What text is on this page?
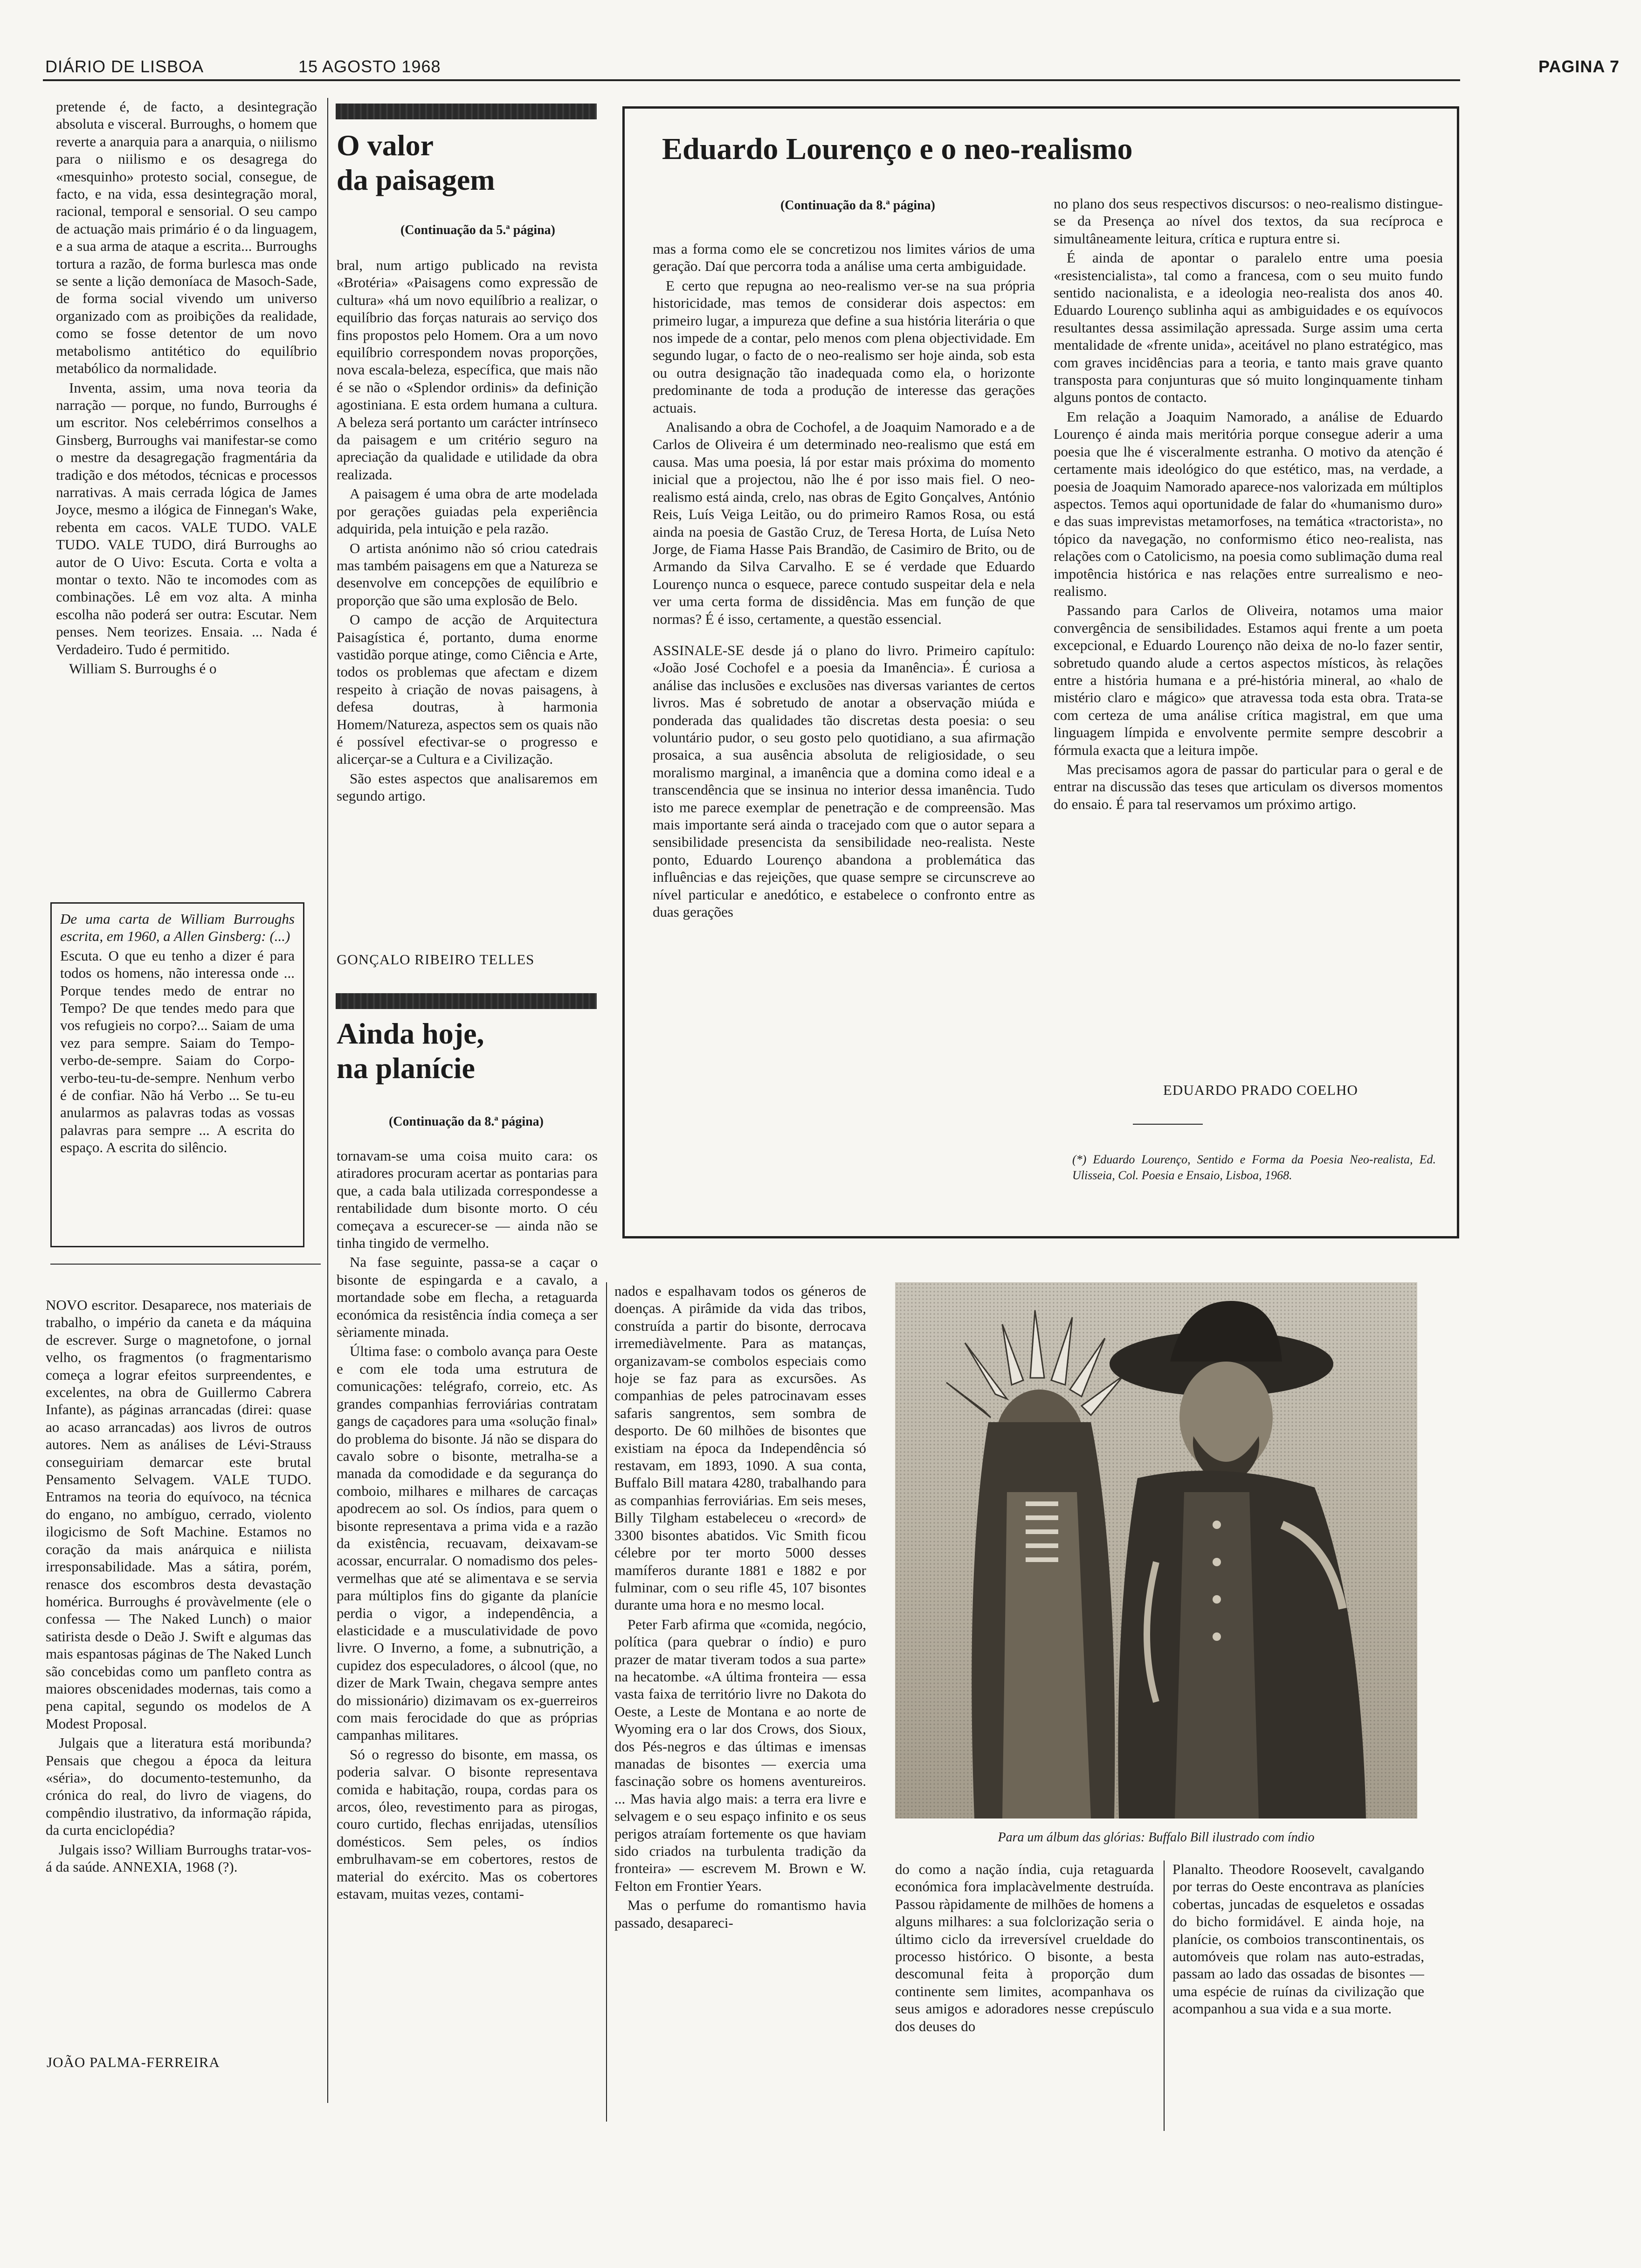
DIÁRIO DE LISBOA	15 AGOSTO 1968	PAGINA 7

pretende é, de facto, a desintegração absoluta e visceral. Burroughs, o homem que reverte a anarquia para a anarquia, o niilismo para o niilismo e os desagrega do «mesquinho» protesto social, consegue, de facto, e na vida, essa desintegração moral, racional, temporal e sensorial. O seu campo de actuação mais primário é o da linguagem, e a sua arma de ataque a escrita... Burroughs tortura a razão, de forma burlesca mas onde se sente a lição demoníaca de Masoch-Sade, de forma social vivendo um universo organizado com as proibições da realidade, como se fosse detentor de um novo metabolismo antitético do equilíbrio metabólico da normalidade.

Inventa, assim, uma nova teoria da narração — porque, no fundo, Burroughs é um escritor. Nos celebérrimos conselhos a Ginsberg, Burroughs vai manifestar-se como o mestre da desagregação fragmentária da tradição e dos métodos, técnicas e processos narrativas. A mais cerrada lógica de James Joyce, mesmo a ilógica de Finnegan's Wake, rebenta em cacos. VALE TUDO. VALE TUDO. VALE TUDO, dirá Burroughs ao autor de O Uivo: Escuta. Corta e volta a montar o texto. Não te incomodes com as combinações. Lê em voz alta. A minha escolha não poderá ser outra: Escutar. Nem penses. Nem teorizes. Ensaia. ... Nada é Verdadeiro. Tudo é permitido.

William S. Burroughs é o

De uma carta de William Burroughs escrita, em 1960, a Allen Ginsberg: (...)

Escuta. O que eu tenho a dizer é para todos os homens, não interessa onde ... Porque tendes medo de entrar no Tempo? De que tendes medo para que vos refugieis no corpo?... Saiam de uma vez para sempre. Saiam do Tempo-verbo-de-sempre. Saiam do Corpo-verbo-teu-tu-de-sempre. Nenhum verbo é de confiar. Não há Verbo ... Se tu-eu anularmos as palavras todas as vossas palavras para sempre ... A escrita do espaço. A escrita do silêncio.

NOVO escritor. Desaparece, nos materiais de trabalho, o império da caneta e da máquina de escrever. Surge o magnetofone, o jornal velho, os fragmentos (o fragmentarismo começa a lograr efeitos surpreendentes, e excelentes, na obra de Guillermo Cabrera Infante), as páginas arrancadas (direi: quase ao acaso arrancadas) aos livros de outros autores. Nem as análises de Lévi-Strauss conseguiriam demarcar este brutal Pensamento Selvagem. VALE TUDO. Entramos na teoria do equívoco, na técnica do engano, no ambíguo, cerrado, violento ilogicismo de Soft Machine. Estamos no coração da mais anárquica e niilista irresponsabilidade. Mas a sátira, porém, renasce dos escombros desta devastação homérica. Burroughs é provàvelmente (ele o confessa — The Naked Lunch) o maior satirista desde o Deão J. Swift e algumas das mais espantosas páginas de The Naked Lunch são concebidas como um panfleto contra as maiores obscenidades modernas, tais como a pena capital, segundo os modelos de A Modest Proposal.

Julgais que a literatura está moribunda? Pensais que chegou a época da leitura «séria», do documento-testemunho, da crónica do real, do livro de viagens, do compêndio ilustrativo, da informação rápida, da curta enciclopédia?

Julgais isso? William Burroughs tratar-vos-á da saúde. ANNEXIA, 1968 (?).

JOÃO PALMA-FERREIRA
O valor
da paisagem
(Continuação da 5.ª página)

bral, num artigo publicado na revista «Brotéria» «Paisagens como expressão de cultura» «há um novo equilíbrio a realizar, o equilíbrio das forças naturais ao serviço dos fins propostos pelo Homem. Ora a um novo equilíbrio correspondem novas proporções, nova escala-beleza, específica, que mais não é se não o «Splendor ordinis» da definição agostiniana. E esta ordem humana a cultura. A beleza será portanto um carácter intrínseco da paisagem e um critério seguro na apreciação da qualidade e utilidade da obra realizada.

A paisagem é uma obra de arte modelada por gerações guiadas pela experiência adquirida, pela intuição e pela razão.

O artista anónimo não só criou catedrais mas também paisagens em que a Natureza se desenvolve em concepções de equilíbrio e proporção que são uma explosão de Belo.

O campo de acção de Arquitectura Paisagística é, portanto, duma enorme vastidão porque atinge, como Ciência e Arte, todos os problemas que afectam e dizem respeito à criação de novas paisagens, à defesa doutras, à harmonia Homem/Natureza, aspectos sem os quais não é possível efectivar-se o progresso e alicerçar-se a Cultura e a Civilização.

São estes aspectos que analisaremos em segundo artigo.

GONÇALO RIBEIRO TELLES
Ainda hoje,
na planície
(Continuação da 8.ª página)

tornavam-se uma coisa muito cara: os atiradores procuram acertar as pontarias para que, a cada bala utilizada correspondesse a rentabilidade dum bisonte morto. O céu começava a escurecer-se — ainda não se tinha tingido de vermelho.

Na fase seguinte, passa-se a caçar o bisonte de espingarda e a cavalo, a mortandade sobe em flecha, a retaguarda económica da resistência índia começa a ser sèriamente minada.

Última fase: o combolo avança para Oeste e com ele toda uma estrutura de comunicações: telégrafo, correio, etc. As grandes companhias ferroviárias contratam gangs de caçadores para uma «solução final» do problema do bisonte. Já não se dispara do cavalo sobre o bisonte, metralha-se a manada da comodidade e da segurança do comboio, milhares e milhares de carcaças apodrecem ao sol. Os índios, para quem o bisonte representava a prima vida e a razão da existência, recuavam, deixavam-se acossar, encurralar. O nomadismo dos peles-vermelhas que até se alimentava e se servia para múltiplos fins do gigante da planície perdia o vigor, a independência, a elasticidade e a musculatividade de povo livre. O Inverno, a fome, a subnutrição, a cupidez dos especuladores, o álcool (que, no dizer de Mark Twain, chegava sempre antes do missionário) dizimavam os ex-guerreiros com mais ferocidade do que as próprias campanhas militares.

Só o regresso do bisonte, em massa, os poderia salvar. O bisonte representava comida e habitação, roupa, cordas para os arcos, óleo, revestimento para as pirogas, couro curtido, flechas enrijadas, utensílios domésticos. Sem peles, os índios embrulhavam-se em cobertores, restos de material do exército. Mas os cobertores estavam, muitas vezes, contami-

nados e espalhavam todos os géneros de doenças. A pirâmide da vida das tribos, construída a partir do bisonte, derrocava irremediàvelmente. Para as matanças, organizavam-se combolos especiais como hoje se faz para as excursões. As companhias de peles patrocinavam esses safaris sangrentos, sem sombra de desporto. De 60 milhões de bisontes que existiam na época da Independência só restavam, em 1893, 1090. A sua conta, Buffalo Bill matara 4280, trabalhando para as companhias ferroviárias. Em seis meses, Billy Tilgham estabeleceu o «record» de 3300 bisontes abatidos. Vic Smith ficou célebre por ter morto 5000 desses mamíferos durante 1881 e 1882 e por fulminar, com o seu rifle 45, 107 bisontes durante uma hora e no mesmo local.

Peter Farb afirma que «comida, negócio, política (para quebrar o índio) e puro prazer de matar tiveram todos a sua parte» na hecatombe. «A última fronteira — essa vasta faixa de território livre no Dakota do Oeste, a Leste de Montana e ao norte de Wyoming era o lar dos Crows, dos Sioux, dos Pés-negros e das últimas e imensas manadas de bisontes — exercia uma fascinação sobre os homens aventureiros. ... Mas havia algo mais: a terra era livre e selvagem e o seu espaço infinito e os seus perigos atraíam fortemente os que haviam sido criados na turbulenta tradição da fronteira» — escrevem M. Brown e W. Felton em Frontier Years.

Mas o perfume do romantismo havia passado, desapareci-

Eduardo Lourenço e o neo-realismo
(Continuação da 8.ª página)

mas a forma como ele se concretizou nos limites vários de uma geração. Daí que percorra toda a análise uma certa ambiguidade.

E certo que repugna ao neo-realismo ver-se na sua própria historicidade, mas temos de considerar dois aspectos: em primeiro lugar, a impureza que define a sua história literária o que nos impede de a contar, pelo menos com plena objectividade. Em segundo lugar, o facto de o neo-realismo ser hoje ainda, sob esta ou outra designação tão inadequada como ela, o horizonte predominante de toda a produção de interesse das gerações actuais.

Analisando a obra de Cochofel, a de Joaquim Namorado e a de Carlos de Oliveira é um determinado neo-realismo que está em causa. Mas uma poesia, lá por estar mais próxima do momento inicial que a projectou, não lhe é por isso mais fiel. O neo-realismo está ainda, crelo, nas obras de Egito Gonçalves, António Reis, Luís Veiga Leitão, ou do primeiro Ramos Rosa, ou está ainda na poesia de Gastão Cruz, de Teresa Horta, de Luísa Neto Jorge, de Fiama Hasse Pais Brandão, de Casimiro de Brito, ou de Armando da Silva Carvalho. E se é verdade que Eduardo Lourenço nunca o esquece, parece contudo suspeitar dela e nela ver uma certa forma de dissidência. Mas em função de que normas? É é isso, certamente, a questão essencial.

ASSINALE-SE desde já o plano do livro. Primeiro capítulo: «João José Cochofel e a poesia da Imanência». É curiosa a análise das inclusões e exclusões nas diversas variantes de certos livros. Mas é sobretudo de anotar a observação miúda e ponderada das qualidades tão discretas desta poesia: o seu voluntário pudor, o seu gosto pelo quotidiano, a sua afirmação prosaica, a sua ausência absoluta de religiosidade, o seu moralismo marginal, a imanência que a domina como ideal e a transcendência que se insinua no interior dessa imanência. Tudo isto me parece exemplar de penetração e de compreensão. Mas mais importante será ainda o tracejado com que o autor separa a sensibilidade presencista da sensibilidade neo-realista. Neste ponto, Eduardo Lourenço abandona a problemática das influências e das rejeições, que quase sempre se circunscreve ao nível particular e anedótico, e estabelece o confronto entre as duas gerações

no plano dos seus respectivos discursos: o neo-realismo distingue-se da Presença ao nível dos textos, da sua recíproca e simultâneamente leitura, crítica e ruptura entre si.

É ainda de apontar o paralelo entre uma poesia «resistencialista», tal como a francesa, com o seu muito fundo sentido nacionalista, e a ideologia neo-realista dos anos 40. Eduardo Lourenço sublinha aqui as ambiguidades e os equívocos resultantes dessa assimilação apressada. Surge assim uma certa mentalidade de «frente unida», aceitável no plano estratégico, mas com graves incidências para a teoria, e tanto mais grave quanto transposta para conjunturas que só muito longinquamente tinham alguns pontos de contacto.

Em relação a Joaquim Namorado, a análise de Eduardo Lourenço é ainda mais meritória porque consegue aderir a uma poesia que lhe é visceralmente estranha. O motivo da atenção é certamente mais ideológico do que estético, mas, na verdade, a poesia de Joaquim Namorado aparece-nos valorizada em múltiplos aspectos. Temos aqui oportunidade de falar do «humanismo duro» e das suas imprevistas metamorfoses, na temática «tractorista», no tópico da navegação, no conformismo ético neo-realista, nas relações com o Catolicismo, na poesia como sublimação duma real impotência histórica e nas relações entre surrealismo e neo-realismo.

Passando para Carlos de Oliveira, notamos uma maior convergência de sensibilidades. Estamos aqui frente a um poeta excepcional, e Eduardo Lourenço não deixa de no-lo fazer sentir, sobretudo quando alude a certos aspectos místicos, às relações entre a história humana e a pré-história mineral, ao «halo de mistério claro e mágico» que atravessa toda esta obra. Trata-se com certeza de uma análise crítica magistral, em que uma linguagem límpida e envolvente permite sempre descobrir a fórmula exacta que a leitura impõe.

Mas precisamos agora de passar do particular para o geral e de entrar na discussão das teses que articulam os diversos momentos do ensaio. É para tal reservamos um próximo artigo.

EDUARDO PRADO COELHO
(*) Eduardo Lourenço, Sentido e Forma da Poesia Neo-realista, Ed. Ulisseia, Col. Poesia e Ensaio, Lisboa, 1968.
Para um álbum das glórias: Buffalo Bill ilustrado com índio

do como a nação índia, cuja retaguarda económica fora implacàvelmente destruída. Passou ràpidamente de milhões de homens a alguns milhares: a sua folclorização seria o último ciclo da irreversível crueldade do processo histórico. O bisonte, a besta descomunal feita à proporção dum continente sem limites, acompanhava os seus amigos e adoradores nesse crepúsculo dos deuses do

Planalto. Theodore Roosevelt, cavalgando por terras do Oeste encontrava as planícies cobertas, juncadas de esqueletos e ossadas do bicho formidável. E ainda hoje, na planície, os comboios transcontinentais, os automóveis que rolam nas auto-estradas, passam ao lado das ossadas de bisontes — uma espécie de ruínas da civilização que acompanhou a sua vida e a sua morte.
